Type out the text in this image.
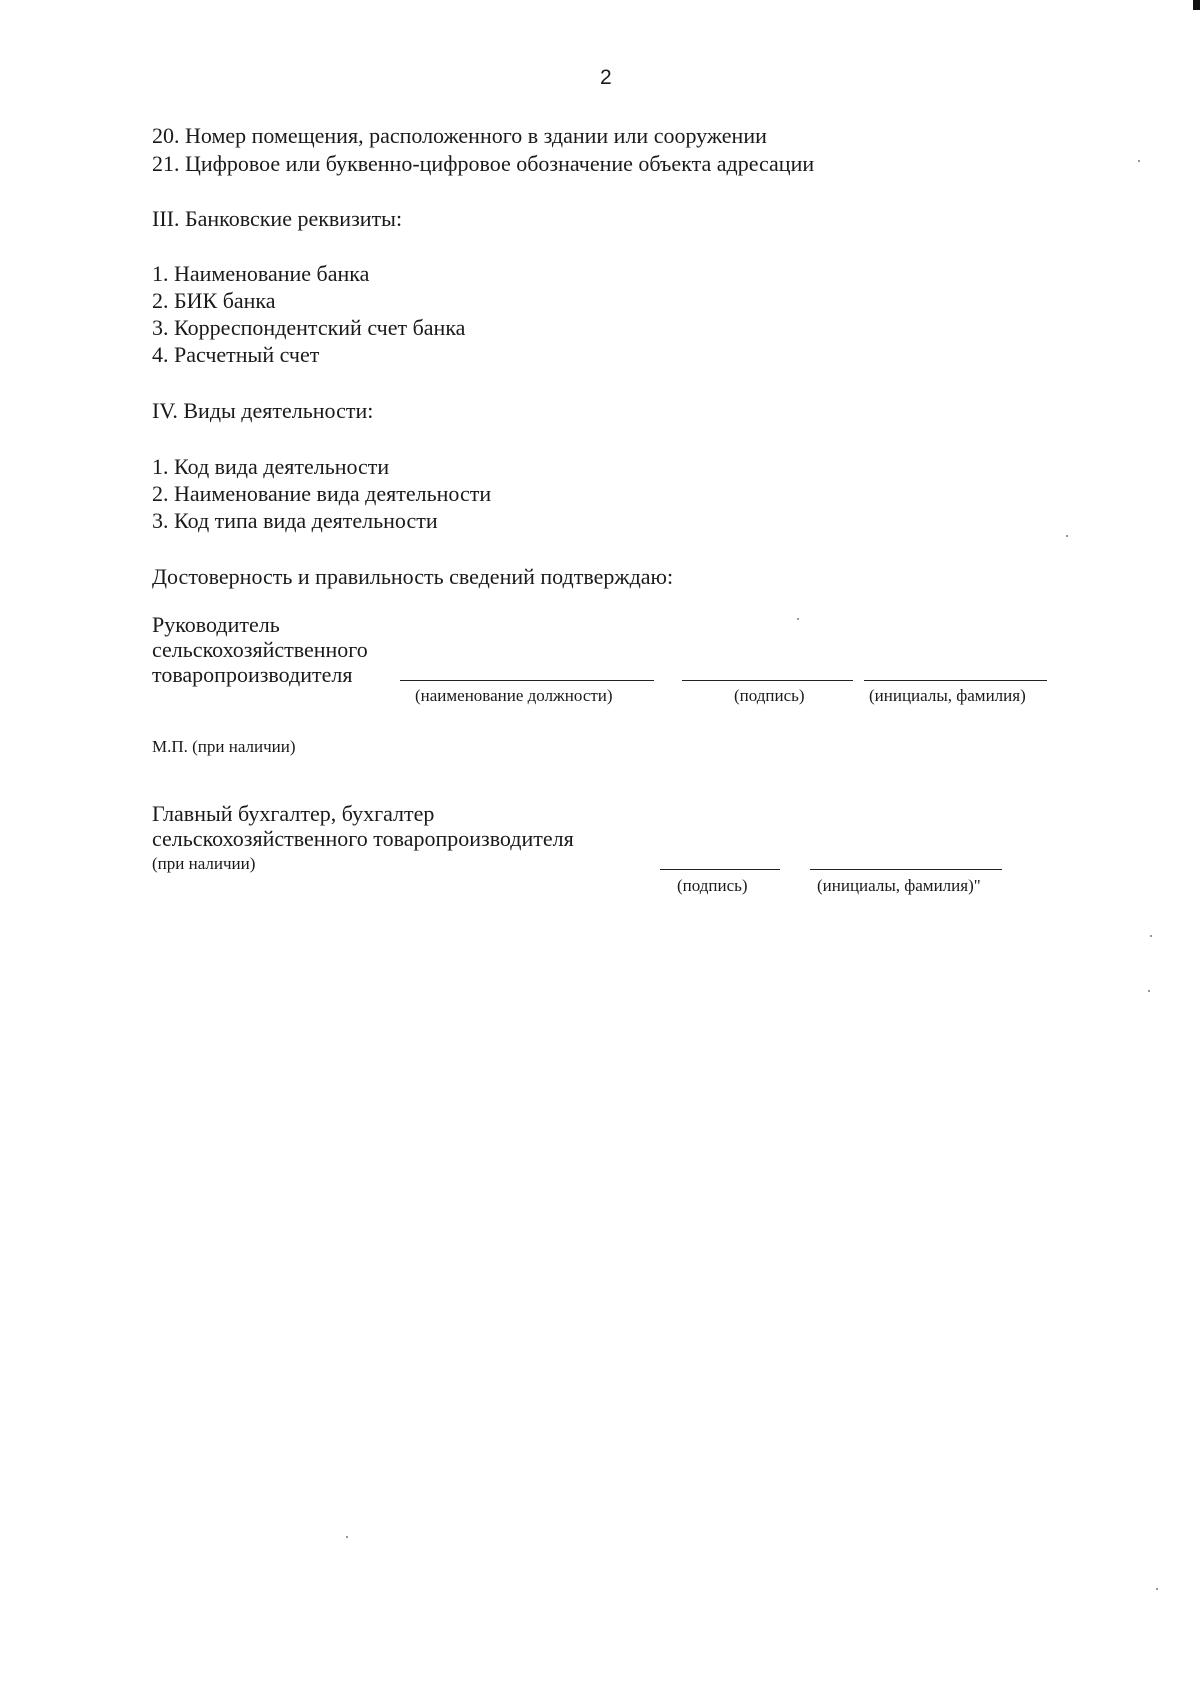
2
20. Номер помещения, расположенного в здании или сооружении
21. Цифровое или буквенно-цифровое обозначение объекта адресации
III. Банковские реквизиты:
1. Наименование банка
2. БИК банка
3. Корреспондентский счет банка
4. Расчетный счет
IV. Виды деятельности:
1. Код вида деятельности
2. Наименование вида деятельности
3. Код типа вида деятельности
Достоверность и правильность сведений подтверждаю:
Руководитель
сельскохозяйственного
товаропроизводителя
(наименование должности)	(подпись)	(инициалы, фамилия)
М.П. (при наличии)
Главный бухгалтер, бухгалтер
сельскохозяйственного товаропроизводителя
(при наличии)
(подпись)	(инициалы, фамилия)"
